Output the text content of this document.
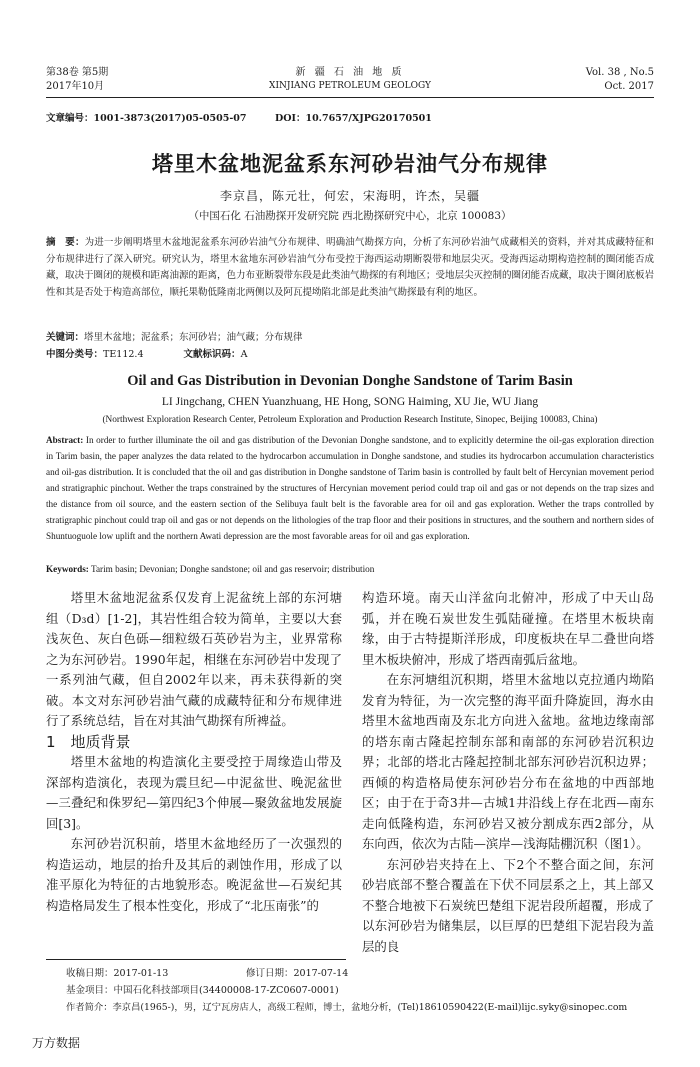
第38卷 第5期
2017年10月
新 疆 石 油 地 质
XINJIANG PETROLEUM GEOLOGY
Vol. 38 , No.5
Oct. 2017
文章编号：1001-3873(2017)05-0505-07	DOI：10.7657/XJPG20170501
塔里木盆地泥盆系东河砂岩油气分布规律
李京昌，陈元壮，何宏，宋海明，许杰，吴疆
（中国石化 石油勘探开发研究院 西北勘探研究中心，北京 100083）
摘　要：为进一步阐明塔里木盆地泥盆系东河砂岩油气分布规律、明确油气勘探方向，分析了东河砂岩油气成藏相关的资料，并对其成藏特征和分布规律进行了深入研究。研究认为，塔里木盆地东河砂岩油气分布受控于海西运动期断裂带和地层尖灭。受海西运动期构造控制的圈闭能否成藏，取决于圈闭的规模和距离油源的距离，色力布亚断裂带东段是此类油气勘探的有利地区；受地层尖灭控制的圈闭能否成藏，取决于圈闭底板岩性和其是否处于构造高部位，顺托果勒低隆南北两侧以及阿瓦提坳陷北部是此类油气勘探最有利的地区。
关键词：塔里木盆地；泥盆系；东河砂岩；油气藏；分布规律
中图分类号：TE112.4	文献标识码：A
Oil and Gas Distribution in Devonian Donghe Sandstone of Tarim Basin
LI Jingchang, CHEN Yuanzhuang, HE Hong, SONG Haiming, XU Jie, WU Jiang
(Northwest Exploration Research Center, Petroleum Exploration and Production Research Institute, Sinopec, Beijing 100083, China)
Abstract: In order to further illuminate the oil and gas distribution of the Devonian Donghe sandstone, and to explicitly determine the oil-gas exploration direction in Tarim basin, the paper analyzes the data related to the hydrocarbon accumulation in Donghe sandstone, and studies its hydrocarbon accumulation characteristics and oil-gas distribution. It is concluded that the oil and gas distribution in Donghe sandstone of Tarim basin is controlled by fault belt of Hercynian movement period and stratigraphic pinchout. Wether the traps constrained by the structures of Hercynian movement period could trap oil and gas or not depends on the trap sizes and the distance from oil source, and the eastern section of the Selibuya fault belt is the favorable area for oil and gas exploration. Wether the traps controlled by stratigraphic pinchout could trap oil and gas or not depends on the lithologies of the trap floor and their positions in structures, and the southern and northern sides of Shuntuoguole low uplift and the northern Awati depression are the most favorable areas for oil and gas exploration.
Keywords: Tarim basin; Devonian; Donghe sandstone; oil and gas reservoir; distribution

塔里木盆地泥盆系仅发育上泥盆统上部的东河塘组（D₃d）[1-2]，其岩性组合较为简单，主要以大套浅灰色、灰白色砾—细粒级石英砂岩为主，业界常称之为东河砂岩。1990年起，相继在东河砂岩中发现了一系列油气藏，但自2002年以来，再未获得新的突破。本文对东河砂岩油气藏的成藏特征和分布规律进行了系统总结，旨在对其油气勘探有所裨益。

1　地质背景

塔里木盆地的构造演化主要受控于周缘造山带及深部构造演化，表现为震旦纪—中泥盆世、晚泥盆世—三叠纪和侏罗纪—第四纪3个伸展—聚敛盆地发展旋回[3]。

东河砂岩沉积前，塔里木盆地经历了一次强烈的构造运动，地层的抬升及其后的剥蚀作用，形成了以准平原化为特征的古地貌形态。晚泥盆世—石炭纪其构造格局发生了根本性变化，形成了“北压南张”的

构造环境。南天山洋盆向北俯冲，形成了中天山岛弧，并在晚石炭世发生弧陆碰撞。在塔里木板块南缘，由于古特提斯洋形成，印度板块在早二叠世向塔里木板块俯冲，形成了塔西南弧后盆地。

在东河塘组沉积期，塔里木盆地以克拉通内坳陷发育为特征，为一次完整的海平面升降旋回，海水由塔里木盆地西南及东北方向进入盆地。盆地边缘南部的塔东南古隆起控制东部和南部的东河砂岩沉积边界；北部的塔北古隆起控制北部东河砂岩沉积边界；西倾的构造格局使东河砂岩分布在盆地的中西部地区；由于在于奇3井—古城1井沿线上存在北西—南东走向低隆构造，东河砂岩又被分割成东西2部分，从东向西，依次为古陆—滨岸—浅海陆棚沉积（图1）。

东河砂岩夹持在上、下2个不整合面之间，东河砂岩底部不整合覆盖在下伏不同层系之上，其上部又不整合地被下石炭统巴楚组下泥岩段所超覆，形成了以东河砂岩为储集层，以巨厚的巴楚组下泥岩段为盖层的良

收稿日期：2017-01-13	修订日期：2017-07-14
基金项目：中国石化科技部项目(34400008-17-ZC0607-0001)
作者简介：李京昌(1965-)，男，辽宁瓦房店人，高级工程师，博士，盆地分析，(Tel)18610590422(E-mail)lijc.syky@sinopec.com
万方数据
